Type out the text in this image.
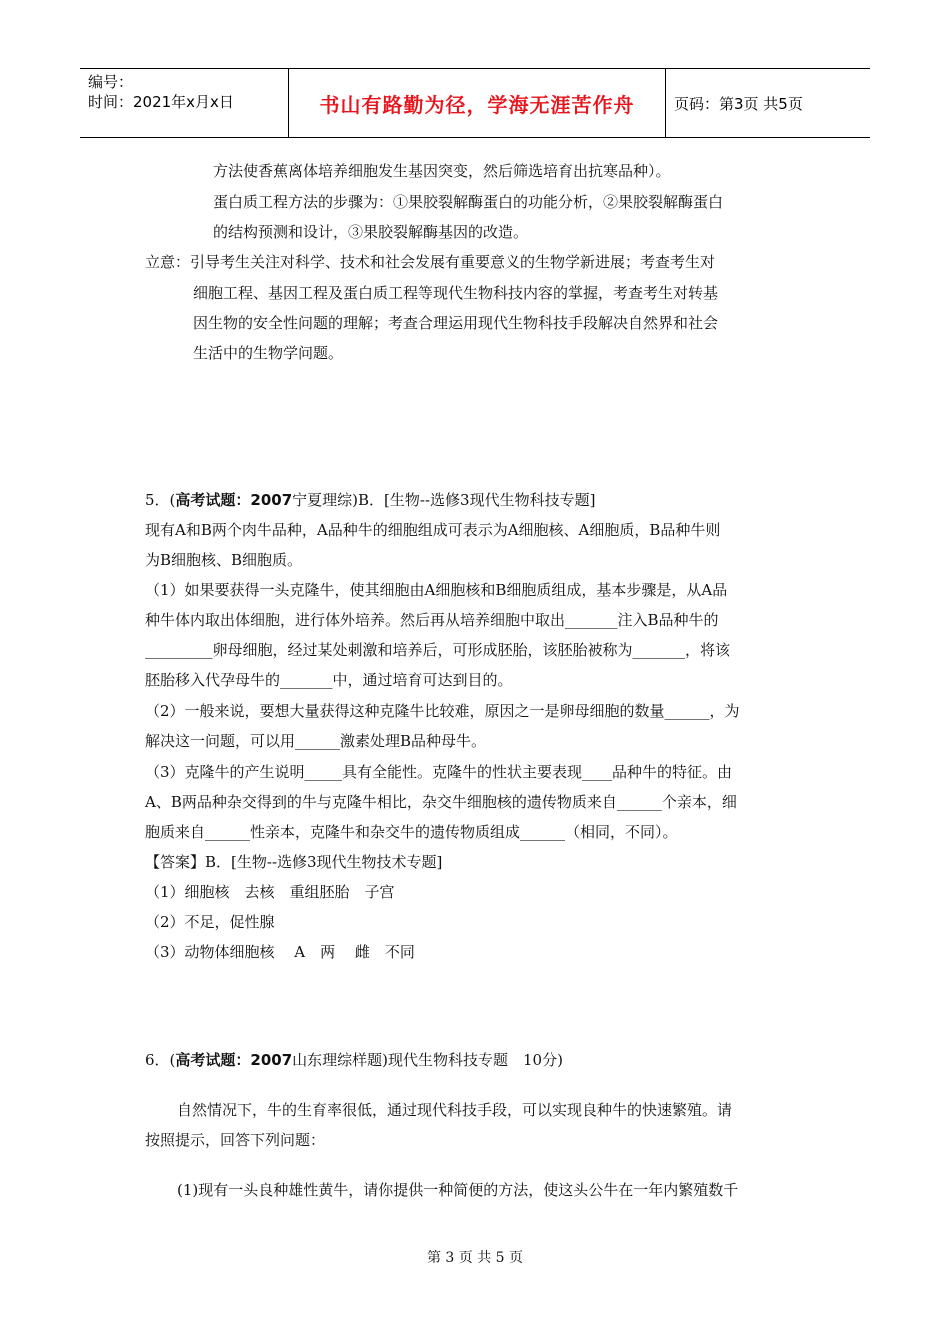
编号：
时间：2021年x月x日	书山有路勤为径，学海无涯苦作舟	页码：第3页 共5页
方法使香蕉离体培养细胞发生基因突变，然后筛选培育出抗寒品种）。
蛋白质工程方法的步骤为：①果胶裂解酶蛋白的功能分析，②果胶裂解酶蛋白
的结构预测和设计，③果胶裂解酶基因的改造。
立意：引导考生关注对科学、技术和社会发展有重要意义的生物学新进展；考查考生对
细胞工程、基因工程及蛋白质工程等现代生物科技内容的掌握，考查考生对转基
因生物的安全性问题的理解；考查合理运用现代生物科技手段解决自然界和社会
生活中的生物学问题。
5．(高考试题：2007宁夏理综)B．[生物--选修3现代生物科技专题]
现有A和B两个肉牛品种，A品种牛的细胞组成可表示为A细胞核、A细胞质，B品种牛则
为B细胞核、B细胞质。
（1）如果要获得一头克隆牛，使其细胞由A细胞核和B细胞质组成，基本步骤是，从A品
种牛体内取出体细胞，进行体外培养。然后再从培养细胞中取出_______注入B品种牛的
_________卵母细胞，经过某处刺激和培养后，可形成胚胎，该胚胎被称为_______，将该
胚胎移入代孕母牛的_______中，通过培育可达到目的。
（2）一般来说，要想大量获得这种克隆牛比较难，原因之一是卵母细胞的数量______，为
解决这一问题，可以用______激素处理B品种母牛。
（3）克隆牛的产生说明_____具有全能性。克隆牛的性状主要表现____品种牛的特征。由
A、B两品种杂交得到的牛与克隆牛相比，杂交牛细胞核的遗传物质来自______个亲本，细
胞质来自______性亲本，克隆牛和杂交牛的遗传物质组成______（相同，不同）。
【答案】B．[生物--选修3现代生物技术专题]
（1）细胞核　去核　重组胚胎　子宫
（2）不足，促性腺
（3）动物体细胞核　 A　两　 雌　不同
6．(高考试题：2007山东理综样题)现代生物科技专题　10分)
自然情况下，牛的生育率很低，通过现代科技手段，可以实现良种牛的快速繁殖。请
按照提示，回答下列问题：
(1)现有一头良种雄性黄牛，请你提供一种简便的方法，使这头公牛在一年内繁殖数千
第 3 页 共 5 页
